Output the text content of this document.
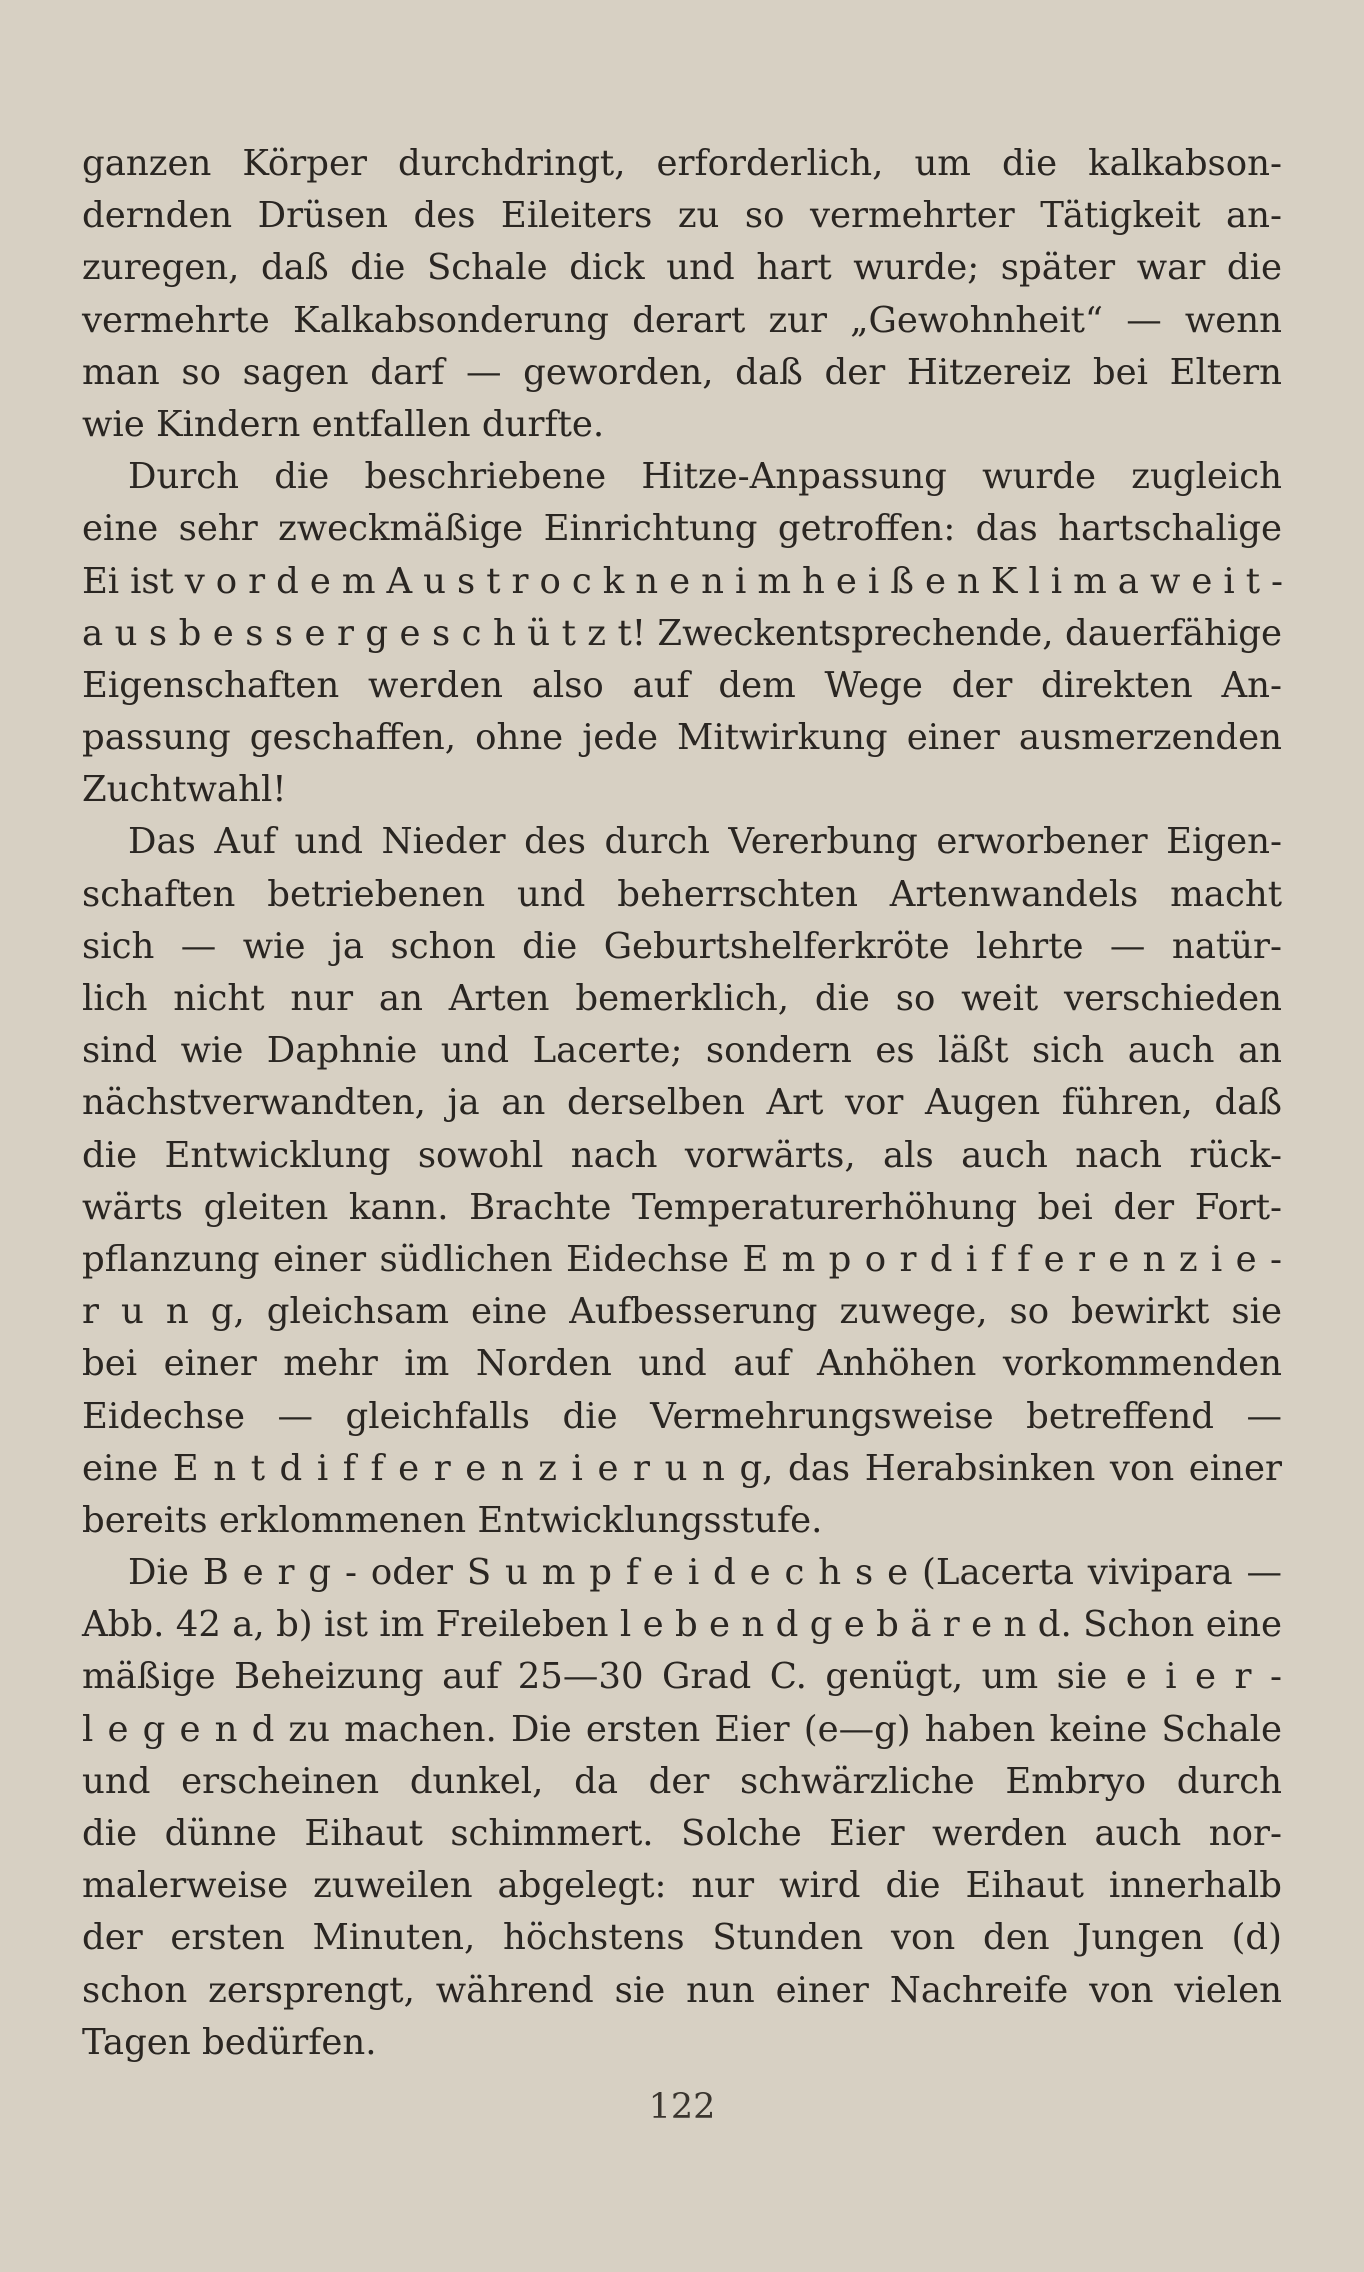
ganzen Körper durchdringt, erforderlich, um die kalkabson-
dernden Drüsen des Eileiters zu so vermehrter Tätigkeit an-
zuregen, daß die Schale dick und hart wurde; später war die
vermehrte Kalkabsonderung derart zur „Gewohnheit“ — wenn
man so sagen darf — geworden, daß der Hitzereiz bei Eltern
wie Kindern entfallen durfte.
Durch die beschriebene Hitze-Anpassung wurde zugleich
eine sehr zweckmäßige Einrichtung getroffen: das hartschalige
Ei ist v o r d e m A u s t r o c k n e n i m h e i ß e n K l i m a w e i t -
a u s b e s s e r g e s c h ü t z t! Zweckentsprechende, dauerfähige
Eigenschaften werden also auf dem Wege der direkten An-
passung geschaffen, ohne jede Mitwirkung einer ausmerzenden
Zuchtwahl!
Das Auf und Nieder des durch Vererbung erworbener Eigen-
schaften betriebenen und beherrschten Artenwandels macht
sich — wie ja schon die Geburtshelferkröte lehrte — natür-
lich nicht nur an Arten bemerklich, die so weit verschieden
sind wie Daphnie und Lacerte; sondern es läßt sich auch an
nächstverwandten, ja an derselben Art vor Augen führen, daß
die Entwicklung sowohl nach vorwärts, als auch nach rück-
wärts gleiten kann. Brachte Temperaturerhöhung bei der Fort-
pflanzung einer südlichen Eidechse E m p o r d i f f e r e n z i e -
r u n g, gleichsam eine Aufbesserung zuwege, so bewirkt sie
bei einer mehr im Norden und auf Anhöhen vorkommenden
Eidechse — gleichfalls die Vermehrungsweise betreffend —
eine E n t d i f f e r e n z i e r u n g, das Herabsinken von einer
bereits erklommenen Entwicklungsstufe.
Die B e r g - oder S u m p f e i d e c h s e (Lacerta vivipara —
Abb. 42 a, b) ist im Freileben l e b e n d g e b ä r e n d. Schon eine
mäßige Beheizung auf 25—30 Grad C. genügt, um sie e i e r -
l e g e n d zu machen. Die ersten Eier (e—g) haben keine Schale
und erscheinen dunkel, da der schwärzliche Embryo durch
die dünne Eihaut schimmert. Solche Eier werden auch nor-
malerweise zuweilen abgelegt: nur wird die Eihaut innerhalb
der ersten Minuten, höchstens Stunden von den Jungen (d)
schon zersprengt, während sie nun einer Nachreife von vielen
Tagen bedürfen.
122
